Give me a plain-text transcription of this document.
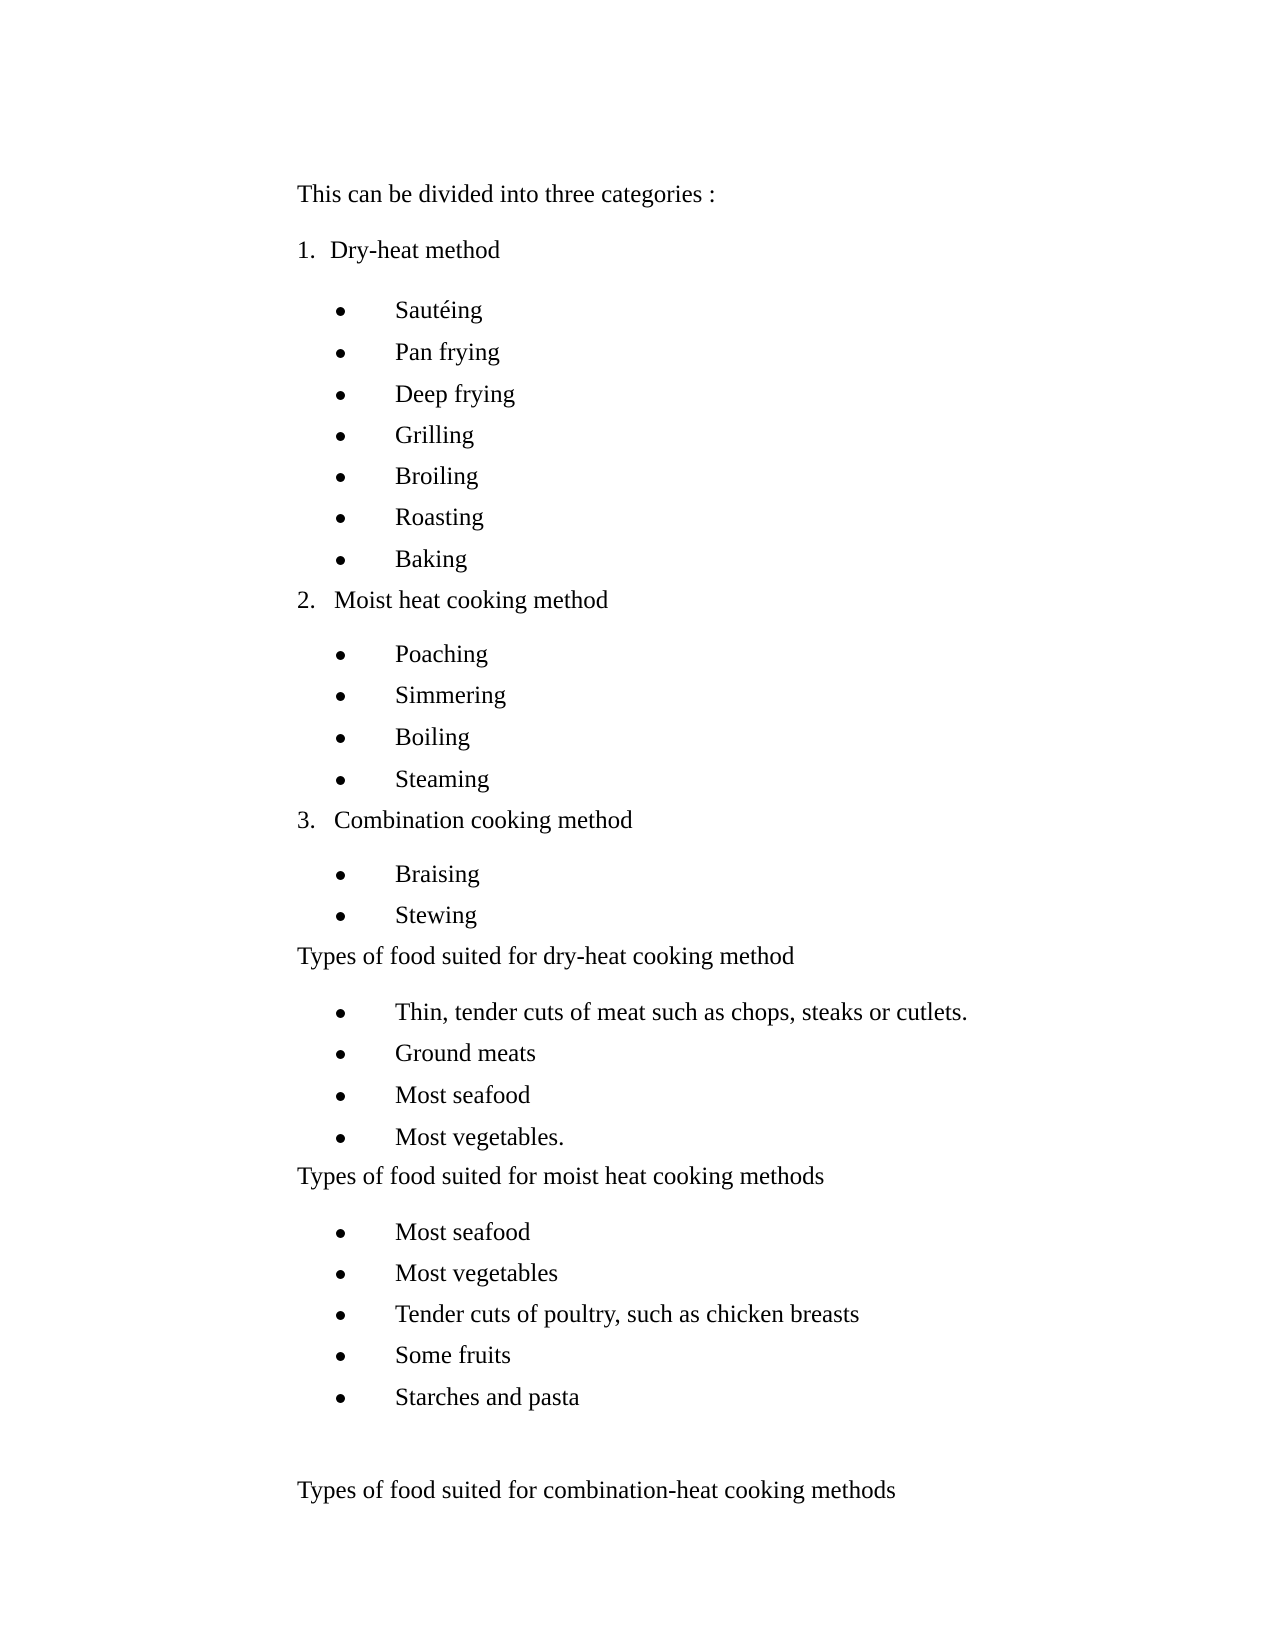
This can be divided into three categories :
1. Dry-heat method
Sautéing
Pan frying
Deep frying
Grilling
Broiling
Roasting
Baking
2. Moist heat cooking method
Poaching
Simmering
Boiling
Steaming
3. Combination cooking method
Braising
Stewing
Types of food suited for dry-heat cooking method
Thin, tender cuts of meat such as chops, steaks or cutlets.
Ground meats
Most seafood
Most vegetables.
Types of food suited for moist heat cooking methods
Most seafood
Most vegetables
Tender cuts of poultry, such as chicken breasts
Some fruits
Starches and pasta
Types of food suited for combination-heat cooking methods
